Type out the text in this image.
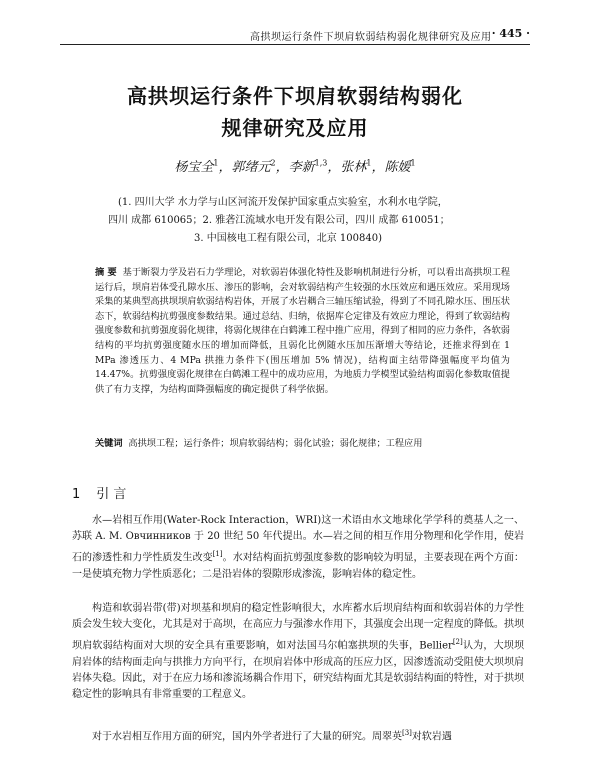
高拱坝运行条件下坝肩软弱结构弱化规律研究及应用 · 445 ·
高拱坝运行条件下坝肩软弱结构弱化
规律研究及应用
杨宝全$^1$，郭绪元$^2$，李新$^{1,3}$，张林$^1$，陈媛$^1$
(1. 四川大学 水力学与山区河流开发保护国家重点实验室，水利水电学院，
四川 成都 610065；2. 雅砻江流域水电开发有限公司，四川 成都 610051；
3. 中国核电工程有限公司，北京 100840)
摘 要 基于断裂力学及岩石力学理论，对软弱岩体强化特性及影响机制进行分析，可以看出高拱坝工程运行后，坝肩岩体受孔隙水压、渗压的影响，会对软弱结构产生较强的水压效应和遇压效应。采用现场采集的某典型高拱坝坝肩软弱结构岩体，开展了水岩耦合三轴压缩试验，得到了不同孔隙水压、围压状态下，软弱结构抗剪强度参数结果。通过总结、归纳，依据库仑定律及有效应力理论，得到了软弱结构强度参数和抗剪强度弱化规律，将弱化规律在白鹤滩工程中推广应用，得到了相同的应力条件，各软弱结构的平均抗剪强度随水压的增加而降低，且弱化比例随水压加压渐增大等结论，还推求得到在 1 MPa 渗透压力、4 MPa 拱推力条件下(围压增加 5% 情况)，结构面主结带降强幅度平均值为 14.47%。抗剪强度弱化规律在白鹤滩工程中的成功应用，为地质力学模型试验结构面弱化参数取值提供了有力支撑，为结构面降强幅度的确定提供了科学依据。
关键词 高拱坝工程；运行条件；坝肩软弱结构；弱化试验；弱化规律；工程应用
1 引 言

水—岩相互作用(Water-Rock Interaction，WRI)这一术语由水文地球化学学科的奠基人之一、苏联 A. M. Овчинников 于 20 世纪 50 年代提出。水—岩之间的相互作用分物理和化学作用，使岩石的渗透性和力学性质发生改变[1]。水对结构面抗剪强度参数的影响较为明显，主要表现在两个方面：一是使填充物力学性质恶化；二是沿岩体的裂隙形成渗流，影响岩体的稳定性。

构造和软弱岩带(带)对坝基和坝肩的稳定性影响很大，水库蓄水后坝肩结构面和软弱岩体的力学性质会发生较大变化，尤其是对于高坝，在高应力与强渗水作用下，其强度会出现一定程度的降低。拱坝坝肩软弱结构面对大坝的安全具有重要影响，如对法国马尔帕塞拱坝的失事，Bellier[2]认为，大坝坝肩岩体的结构面走向与拱推力方向平行，在坝肩岩体中形成高的压应力区，因渗透流动受阻使大坝坝肩岩体失稳。因此，对于在应力场和渗流场耦合作用下，研究结构面尤其是软弱结构面的特性，对于拱坝稳定性的影响具有非常重要的工程意义。

对于水岩相互作用方面的研究，国内外学者进行了大量的研究。周翠英[3]对软岩遇
